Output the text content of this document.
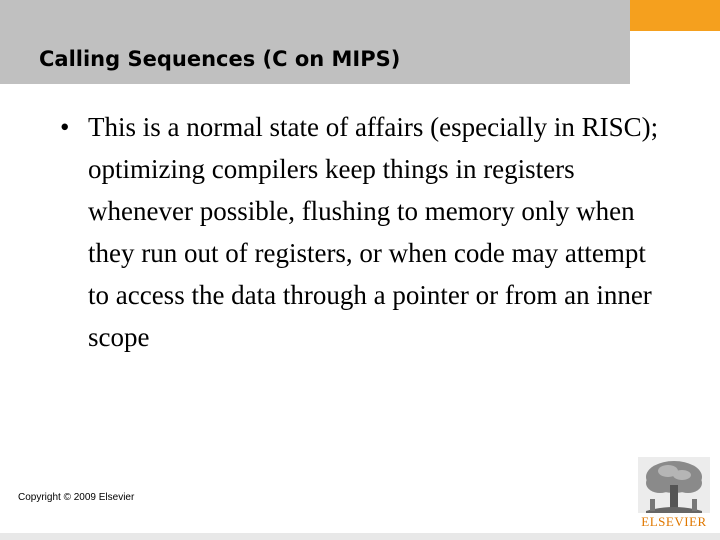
Calling Sequences (C on MIPS)
• This is a normal state of affairs (especially in RISC); optimizing compilers keep things in registers whenever possible, flushing to memory only when they run out of registers, or when code may attempt to access the data through a pointer or from an inner scope
Copyright © 2009 Elsevier
ELSEVIER
